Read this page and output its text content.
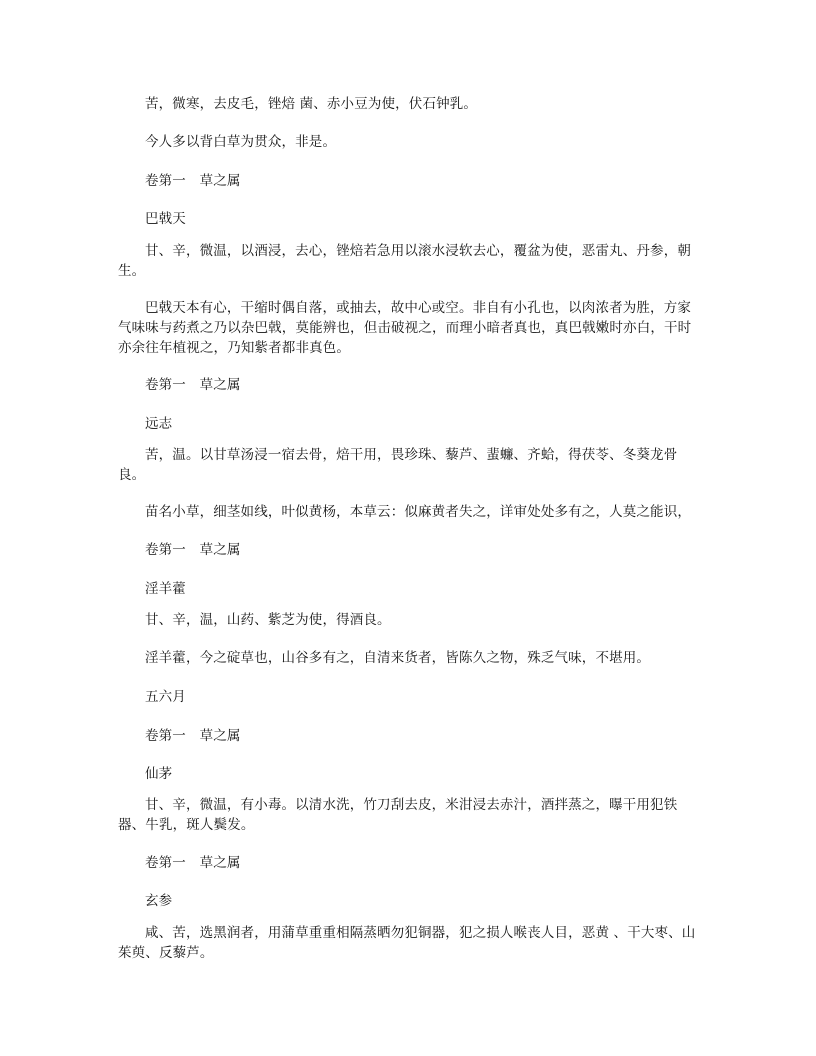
苦，微寒，去皮毛，锉焙 菌、赤小豆为使，伏石钟乳。

今人多以背白草为贯众，非是。

卷第一　草之属

巴戟天

甘、辛，微温，以酒浸，去心，锉焙若急用以滚水浸软去心，覆盆为使，恶雷丸、丹参，朝生。

巴戟天本有心，干缩时偶自落，或抽去，故中心或空。非自有小孔也，以肉浓者为胜，方家气味味与药煮之乃以杂巴戟，莫能辨也，但击破视之，而理小暗者真也，真巴戟嫩时亦白，干时亦余往年植视之，乃知紫者都非真色。

卷第一　草之属

远志

苦，温。以甘草汤浸一宿去骨，焙干用，畏珍珠、藜芦、蜚蠊、齐蛤，得茯苓、冬葵龙骨良。

苗名小草，细茎如线，叶似黄杨，本草云：似麻黄者失之，详审处处多有之，人莫之能识，

卷第一　草之属

淫羊藿

甘、辛，温，山药、紫芝为使，得酒良。

淫羊藿，今之碇草也，山谷多有之，自清来货者，皆陈久之物，殊乏气味，不堪用。

五六月

卷第一　草之属

仙茅

甘、辛，微温，有小毒。以清水洗，竹刀刮去皮，米泔浸去赤汁，酒拌蒸之，曝干用犯铁器、牛乳，斑人鬓发。

卷第一　草之属

玄参

咸、苦，选黑润者，用蒲草重重相隔蒸晒勿犯铜器，犯之损人喉丧人目，恶黄 、干大枣、山茱萸、反藜芦。
